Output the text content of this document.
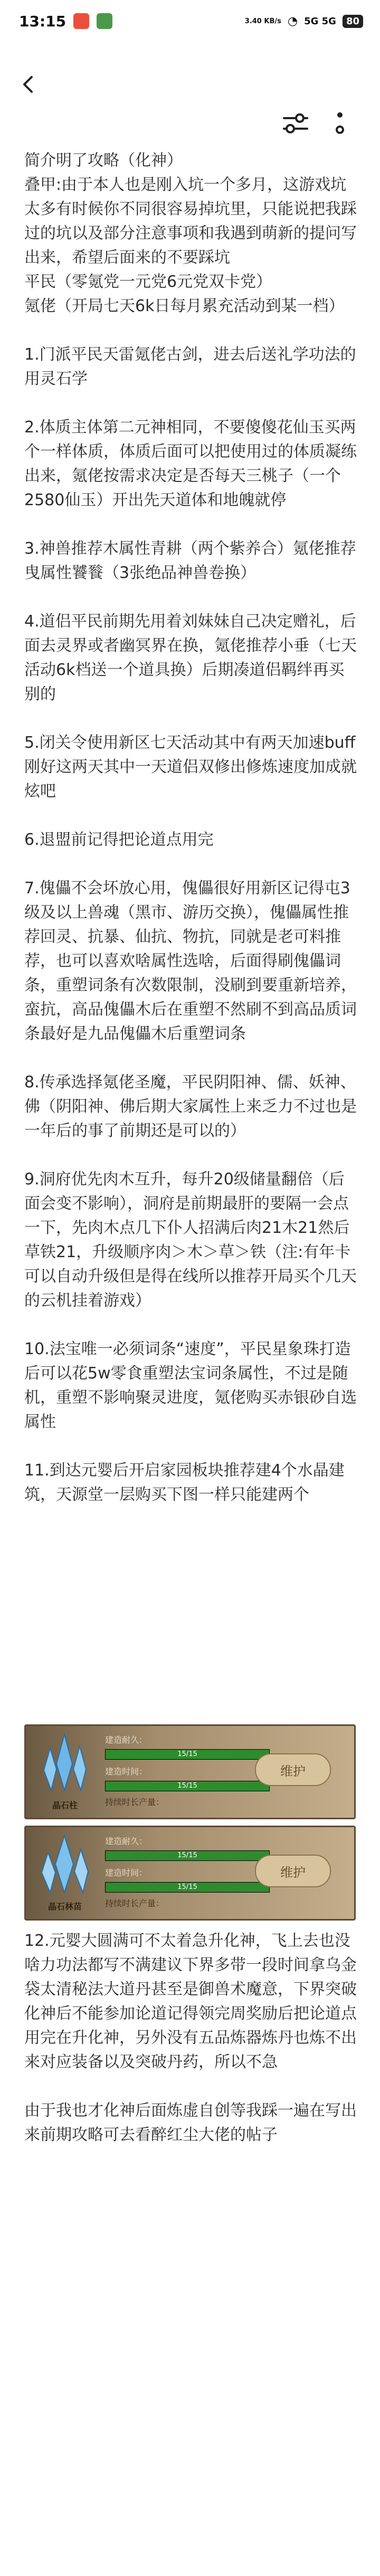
13:15	3.40 KB/s ◔ 5G 5G	80

简介明了攻略（化神）
叠甲:由于本人也是刚入坑一个多月，这游戏坑太多有时候你不同很容易掉坑里，只能说把我踩过的坑以及部分注意事项和我遇到萌新的提问写出来，希望后面来的不要踩坑
平民（零氪党一元党6元党双卡党）
氪佬（开局七天6k日每月累充活动到某一档）

1.门派平民天雷氪佬古剑，进去后送礼学功法的用灵石学

2.体质主体第二元神相同，不要傻傻花仙玉买两个一样体质，体质后面可以把使用过的体质凝练出来，氪佬按需求决定是否每天三桃子（一个2580仙玉）开出先天道体和地魄就停

3.神兽推荐木属性青耕（两个紫养合）氪佬推荐曳属性饕餮（3张绝品神兽卷换）

4.道侣平民前期先用着刘妹妹自己决定赠礼，后面去灵界或者幽冥界在换，氪佬推荐小垂（七天活动6k档送一个道具换）后期凑道侣羁绊再买别的

5.闭关令使用新区七天活动其中有两天加速buff刚好这两天其中一天道侣双修出修炼速度加成就炫吧

6.退盟前记得把论道点用完

7.傀儡不会坏放心用，傀儡很好用新区记得屯3级及以上兽魂（黑市、游历交换），傀儡属性推荐回灵、抗暴、仙抗、物抗，同就是老可料推荐，也可以喜欢啥属性选啥，后面得刷傀儡词条，重塑词条有次数限制，没刷到要重新培养，蛮抗，高品傀儡木后在重塑不然刷不到高品质词条最好是九品傀儡木后重塑词条

8.传承选择氪佬圣魔，平民阴阳神、儒、妖神、佛（阴阳神、佛后期大家属性上来乏力不过也是一年后的事了前期还是可以的）

9.洞府优先肉木互升，每升20级储量翻倍（后面会变不影响），洞府是前期最肝的要隔一会点一下，先肉木点几下仆人招满后肉21木21然后草铁21，升级顺序肉＞木＞草＞铁（注:有年卡可以自动升级但是得在线所以推荐开局买个几天的云机挂着游戏）

10.法宝唯一必须词条“速度”，平民星象珠打造后可以花5w零食重塑法宝词条属性，不过是随机，重塑不影响聚灵进度，氪佬购买赤银砂自选属性

11.到达元婴后开启家园板块推荐建4个水晶建筑，天源堂一层购买下图一样只能建两个

晶石柱
建造耐久：
15/15
建造时间：
15/15
持续时长产量：
维护
晶石林苗
建造耐久：
15/15
建造时间：
15/15
持续时长产量：
维护

12.元婴大圆满可不太着急升化神，飞上去也没啥力功法都写不满建议下界多带一段时间拿乌金袋太清秘法大道丹甚至是御兽术魔意，下界突破化神后不能参加论道记得领完周奖励后把论道点用完在升化神，另外没有五品炼器炼丹也炼不出来对应装备以及突破丹药，所以不急

由于我也才化神后面炼虚自创等我踩一遍在写出来前期攻略可去看醉红尘大佬的帖子
